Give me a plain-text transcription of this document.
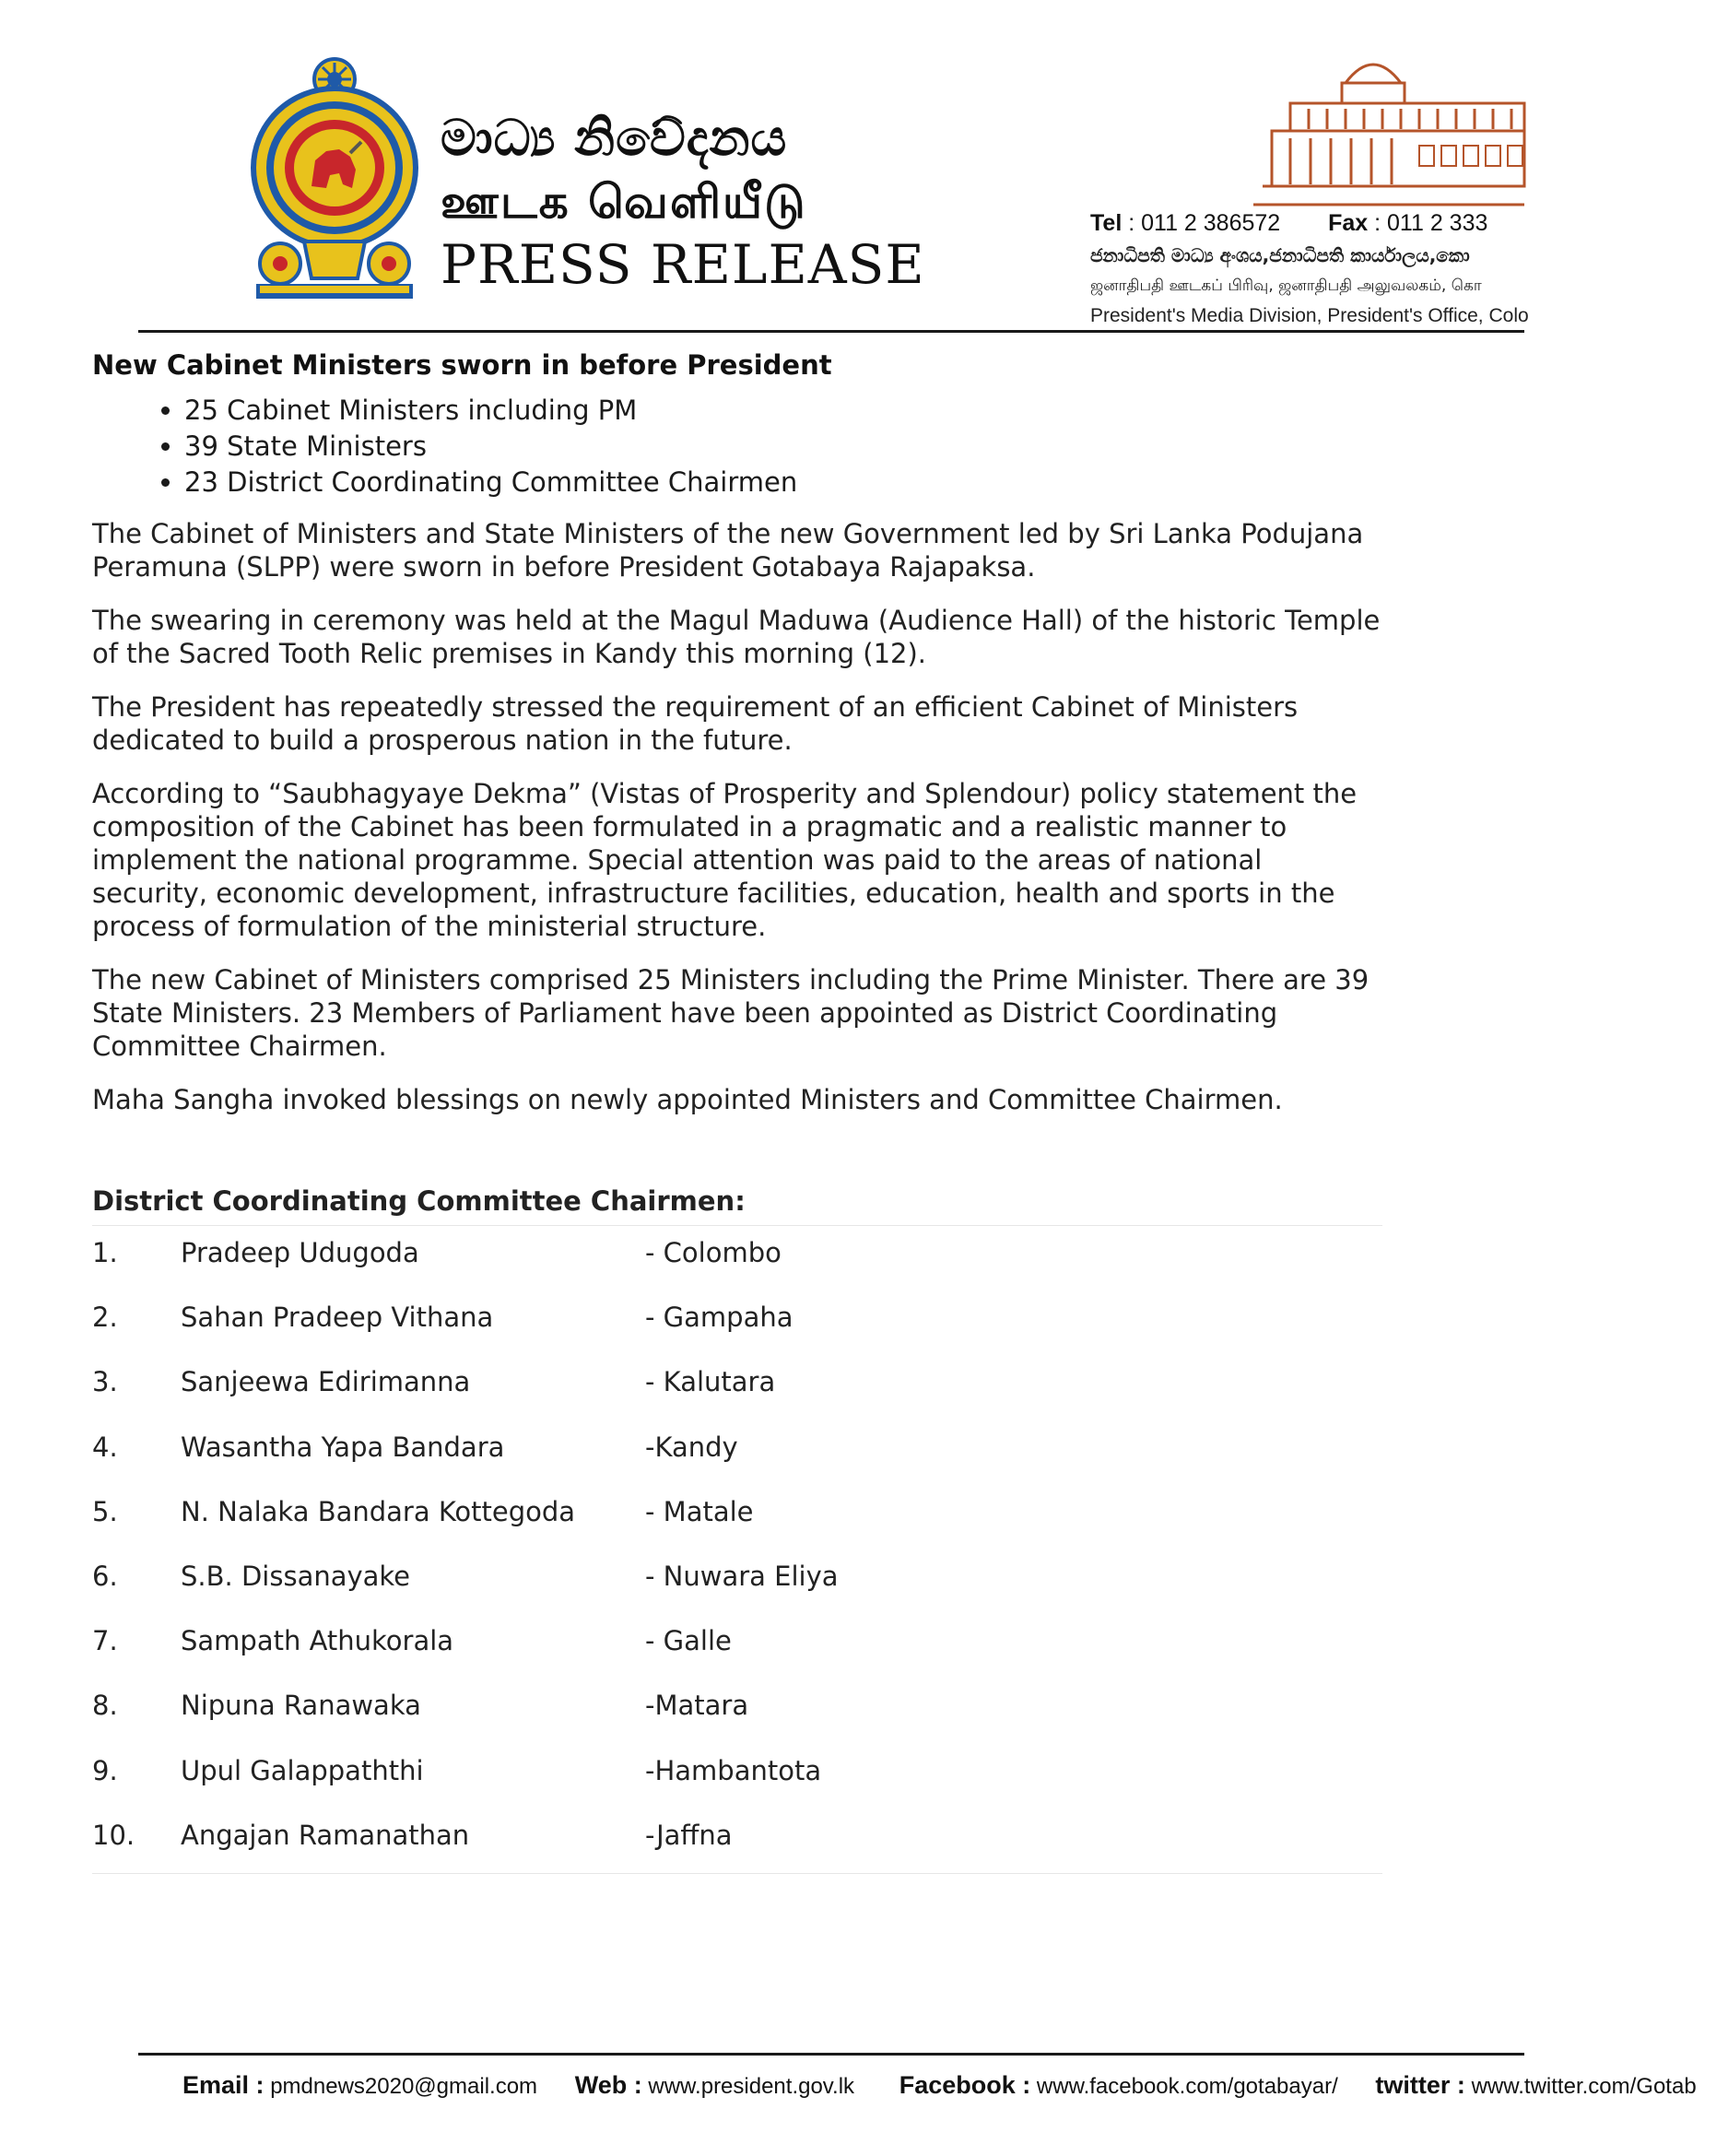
මාධ්‍ය නිවේදනය
ஊடக வெளியீடு
PRESS RELEASE
Tel : 011 2 386572 Fax : 011 2 333
ජනාධිපති මාධ්‍ය අංශය,ජනාධිපති කාර්යාලය,කො
ஜனாதிபதி ஊடகப் பிரிவு, ஜனாதிபதி அலுவலகம், கொ
President's Media Division, President's Office, Colo
New Cabinet Ministers sworn in before President
• 25 Cabinet Ministers including PM
• 39 State Ministers
• 23 District Coordinating Committee Chairmen

The Cabinet of Ministers and State Ministers of the new Government led by Sri Lanka Podujana Peramuna (SLPP) were sworn in before President Gotabaya Rajapaksa.

The swearing in ceremony was held at the Magul Maduwa (Audience Hall) of the historic Temple of the Sacred Tooth Relic premises in Kandy this morning (12).

The President has repeatedly stressed the requirement of an efficient Cabinet of Ministers dedicated to build a prosperous nation in the future.

According to “Saubhagyaye Dekma” (Vistas of Prosperity and Splendour) policy statement the composition of the Cabinet has been formulated in a pragmatic and a realistic manner to implement the national programme. Special attention was paid to the areas of national security, economic development, infrastructure facilities, education, health and sports in the process of formulation of the ministerial structure.

The new Cabinet of Ministers comprised 25 Ministers including the Prime Minister. There are 39 State Ministers. 23 Members of Parliament have been appointed as District Coordinating Committee Chairmen.

Maha Sangha invoked blessings on newly appointed Ministers and Committee Chairmen.

District Coordinating Committee Chairmen:
1. Pradeep Udugoda	- Colombo
2. Sahan Pradeep Vithana	- Gampaha
3. Sanjeewa Edirimanna	- Kalutara
4. Wasantha Yapa Bandara	-Kandy
5. N. Nalaka Bandara Kottegoda	- Matale
6. S.B. Dissanayake	- Nuwara Eliya
7. Sampath Athukorala	- Galle
8. Nipuna Ranawaka	-Matara
9. Upul Galappaththi	-Hambantota
10. Angajan Ramanathan	-Jaffna
Email : pmdnews2020@gmail.com Web : www.president.gov.lk Facebook : www.facebook.com/gotabayar/ twitter : www.twitter.com/Gotab
